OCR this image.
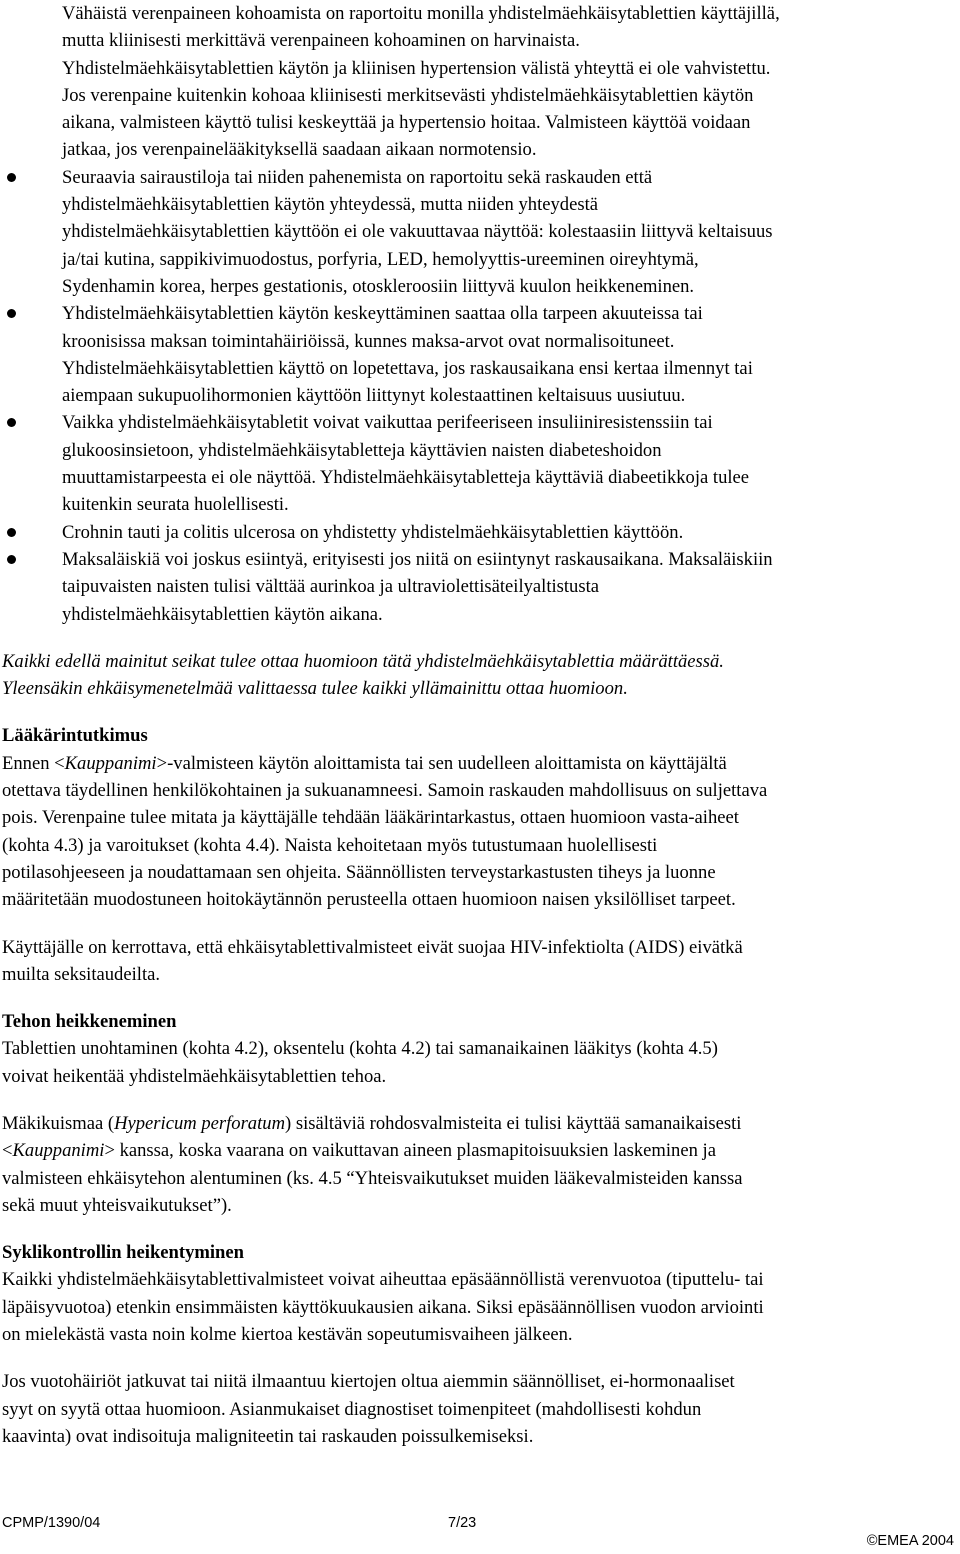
Vähäistä verenpaineen kohoamista on raportoitu monilla yhdistelmäehkäisytablettien käyttäjillä,
mutta kliinisesti merkittävä verenpaineen kohoaminen on harvinaista.
Yhdistelmäehkäisytablettien käytön ja kliinisen hypertension välistä yhteyttä ei ole vahvistettu.
Jos verenpaine kuitenkin kohoaa kliinisesti merkitsevästi yhdistelmäehkäisytablettien käytön
aikana, valmisteen käyttö tulisi keskeyttää ja hypertensio hoitaa. Valmisteen käyttöä voidaan
jatkaa, jos verenpainelääkityksellä saadaan aikaan normotensio.
Seuraavia sairaustiloja tai niiden pahenemista on raportoitu sekä raskauden että
yhdistelmäehkäisytablettien käytön yhteydessä, mutta niiden yhteydestä
yhdistelmäehkäisytablettien käyttöön ei ole vakuuttavaa näyttöä: kolestaasiin liittyvä keltaisuus
ja/tai kutina, sappikivimuodostus, porfyria, LED, hemolyyttis-ureeminen oireyhtymä,
Sydenhamin korea, herpes gestationis, otoskleroosiin liittyvä kuulon heikkeneminen.
Yhdistelmäehkäisytablettien käytön keskeyttäminen saattaa olla tarpeen akuuteissa tai
kroonisissa maksan toimintahäiriöissä, kunnes maksa-arvot ovat normalisoituneet.
Yhdistelmäehkäisytablettien käyttö on lopetettava, jos raskausaikana ensi kertaa ilmennyt tai
aiempaan sukupuolihormonien käyttöön liittynyt kolestaattinen keltaisuus uusiutuu.
Vaikka yhdistelmäehkäisytabletit voivat vaikuttaa perifeeriseen insuliiniresistenssiin tai
glukoosinsietoon, yhdistelmäehkäisytabletteja käyttävien naisten diabeteshoidon
muuttamistarpeesta ei ole näyttöä. Yhdistelmäehkäisytabletteja käyttäviä diabeetikkoja tulee
kuitenkin seurata huolellisesti.
Crohnin tauti ja colitis ulcerosa on yhdistetty yhdistelmäehkäisytablettien käyttöön.
Maksaläiskiä voi joskus esiintyä, erityisesti jos niitä on esiintynyt raskausaikana. Maksaläiskiin
taipuvaisten naisten tulisi välttää aurinkoa ja ultraviolettisäteilyaltistusta
yhdistelmäehkäisytablettien käytön aikana.
Kaikki edellä mainitut seikat tulee ottaa huomioon tätä yhdistelmäehkäisytablettia määrättäessä.
Yleensäkin ehkäisymenetelmää valittaessa tulee kaikki yllämainittu ottaa huomioon.
Lääkärintutkimus
Ennen <Kauppanimi>-valmisteen käytön aloittamista tai sen uudelleen aloittamista on käyttäjältä
otettava täydellinen henkilökohtainen ja sukuanamneesi. Samoin raskauden mahdollisuus on suljettava
pois. Verenpaine tulee mitata ja käyttäjälle tehdään lääkärintarkastus, ottaen huomioon vasta-aiheet
(kohta 4.3) ja varoitukset (kohta 4.4). Naista kehoitetaan myös tutustumaan huolellisesti
potilasohjeeseen ja noudattamaan sen ohjeita. Säännöllisten terveystarkastusten tiheys ja luonne
määritetään muodostuneen hoitokäytännön perusteella ottaen huomioon naisen yksilölliset tarpeet.
Käyttäjälle on kerrottava, että ehkäisytablettivalmisteet eivät suojaa HIV-infektiolta (AIDS) eivätkä
muilta seksitaudeilta.
Tehon heikkeneminen
Tablettien unohtaminen (kohta 4.2), oksentelu (kohta 4.2) tai samanaikainen lääkitys (kohta 4.5)
voivat heikentää yhdistelmäehkäisytablettien tehoa.
Mäkikuismaa (Hypericum perforatum) sisältäviä rohdosvalmisteita ei tulisi käyttää samanaikaisesti
<Kauppanimi> kanssa, koska vaarana on vaikuttavan aineen plasmapitoisuuksien laskeminen ja
valmisteen ehkäisytehon alentuminen (ks. 4.5 “Yhteisvaikutukset muiden lääkevalmisteiden kanssa
sekä muut yhteisvaikutukset”).
Syklikontrollin heikentyminen
Kaikki yhdistelmäehkäisytablettivalmisteet voivat aiheuttaa epäsäännöllistä verenvuotoa (tiputtelu- tai
läpäisyvuotoa) etenkin ensimmäisten käyttökuukausien aikana. Siksi epäsäännöllisen vuodon arviointi
on mielekästä vasta noin kolme kiertoa kestävän sopeutumisvaiheen jälkeen.
Jos vuotohäiriöt jatkuvat tai niitä ilmaantuu kiertojen oltua aiemmin säännölliset, ei-hormonaaliset
syyt on syytä ottaa huomioon. Asianmukaiset diagnostiset toimenpiteet (mahdollisesti kohdun
kaavinta) ovat indisoituja maligniteetin tai raskauden poissulkemiseksi.
CPMP/1390/04	7/23
©EMEA 2004
